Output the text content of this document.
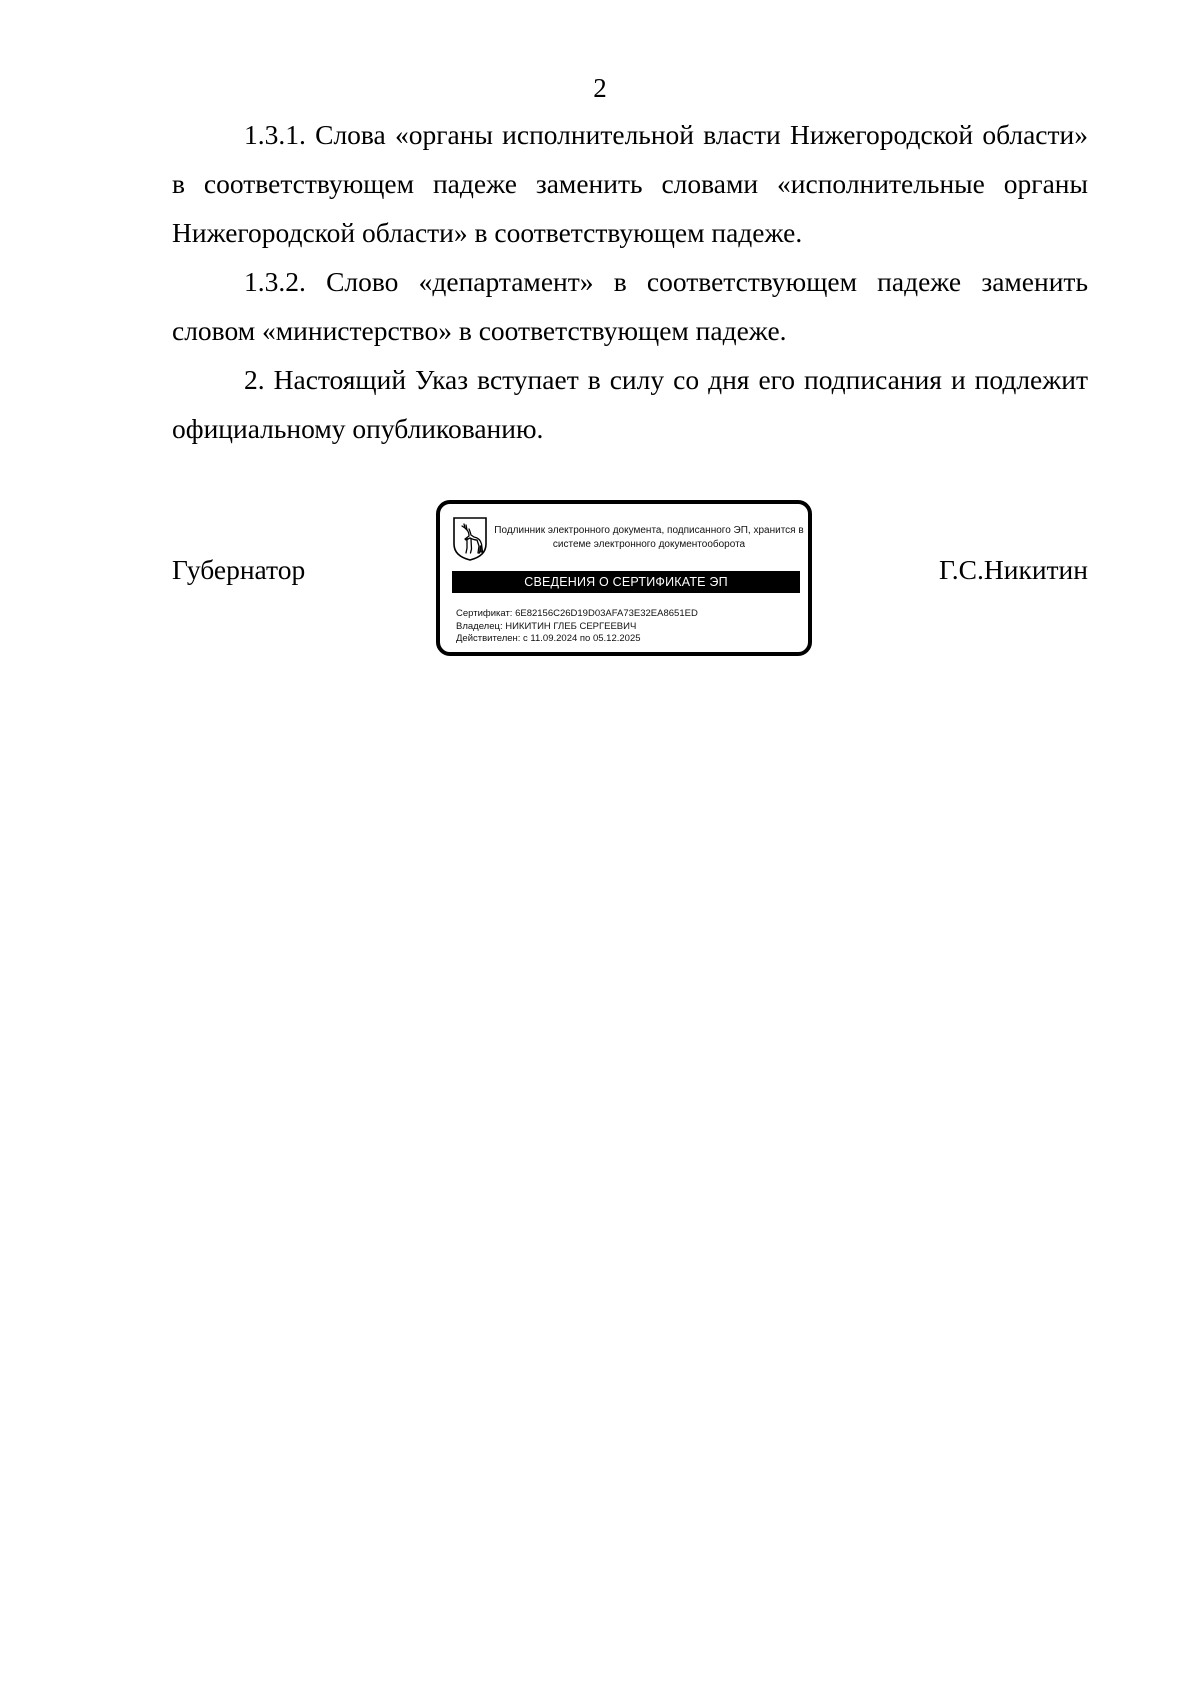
2

1.3.1. Слова «органы исполнительной власти Нижегородской области» в соответствующем падеже заменить словами «исполнительные органы Нижегородской области» в соответствующем падеже.

1.3.2. Слово «департамент» в соответствующем падеже заменить словом «министерство» в соответствующем падеже.

2. Настоящий Указ вступает в силу со дня его подписания и подлежит официальному опубликованию.

Губернатор
Подлинник электронного документа, подписанного ЭП, хранится в системе электронного документооборота
СВЕДЕНИЯ О СЕРТИФИКАТЕ ЭП
Сертификат: 6E82156C26D19D03AFA73E32EA8651ED
Владелец: НИКИТИН ГЛЕБ СЕРГЕЕВИЧ
Действителен: с 11.09.2024 по 05.12.2025
Г.С.Никитин
